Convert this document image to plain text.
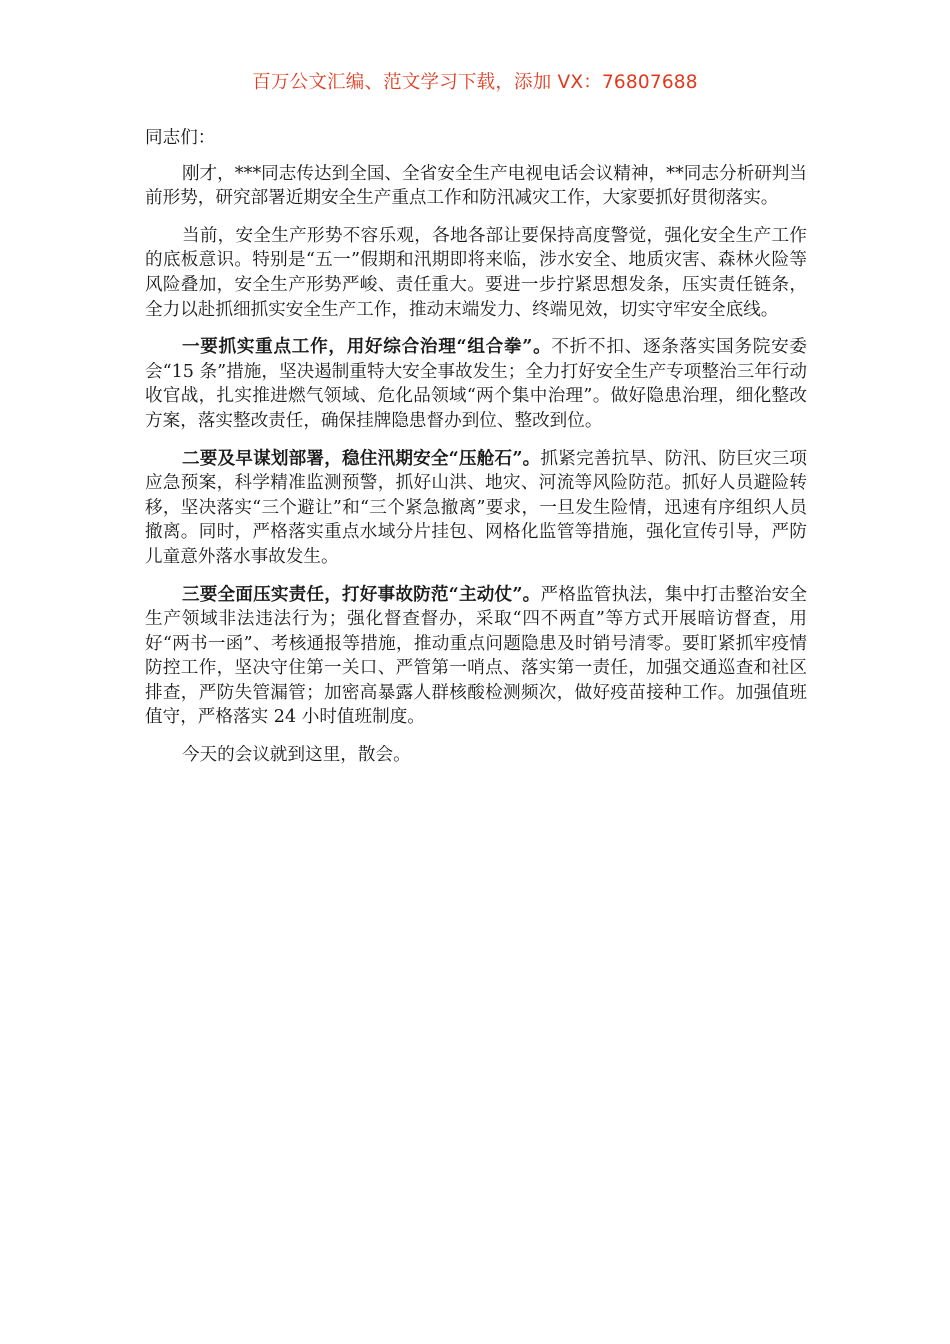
百万公文汇编、范文学习下载，添加 VX：76807688

同志们：

刚才，***同志传达到全国、全省安全生产电视电话会议精神，**同志分析研判当前形势，研究部署近期安全生产重点工作和防汛减灾工作，大家要抓好贯彻落实。

当前，安全生产形势不容乐观，各地各部让要保持高度警觉，强化安全生产工作的底板意识。特别是“五一”假期和汛期即将来临，涉水安全、地质灾害、森林火险等风险叠加，安全生产形势严峻、责任重大。要进一步拧紧思想发条，压实责任链条，全力以赴抓细抓实安全生产工作，推动末端发力、终端见效，切实守牢安全底线。

一要抓实重点工作，用好综合治理“组合拳”。不折不扣、逐条落实国务院安委会“15 条”措施，坚决遏制重特大安全事故发生；全力打好安全生产专项整治三年行动收官战，扎实推进燃气领域、危化品领域“两个集中治理”。做好隐患治理，细化整改方案，落实整改责任，确保挂牌隐患督办到位、整改到位。

二要及早谋划部署，稳住汛期安全“压舱石”。抓紧完善抗旱、防汛、防巨灾三项应急预案，科学精准监测预警，抓好山洪、地灾、河流等风险防范。抓好人员避险转移，坚决落实“三个避让”和“三个紧急撤离”要求，一旦发生险情，迅速有序组织人员撤离。同时，严格落实重点水域分片挂包、网格化监管等措施，强化宣传引导，严防儿童意外落水事故发生。

三要全面压实责任，打好事故防范“主动仗”。严格监管执法，集中打击整治安全生产领域非法违法行为；强化督查督办，采取“四不两直”等方式开展暗访督查，用好“两书一函”、考核通报等措施，推动重点问题隐患及时销号清零。要盯紧抓牢疫情防控工作，坚决守住第一关口、严管第一哨点、落实第一责任，加强交通巡查和社区排查，严防失管漏管；加密高暴露人群核酸检测频次，做好疫苗接种工作。加强值班值守，严格落实 24 小时值班制度。

今天的会议就到这里，散会。
